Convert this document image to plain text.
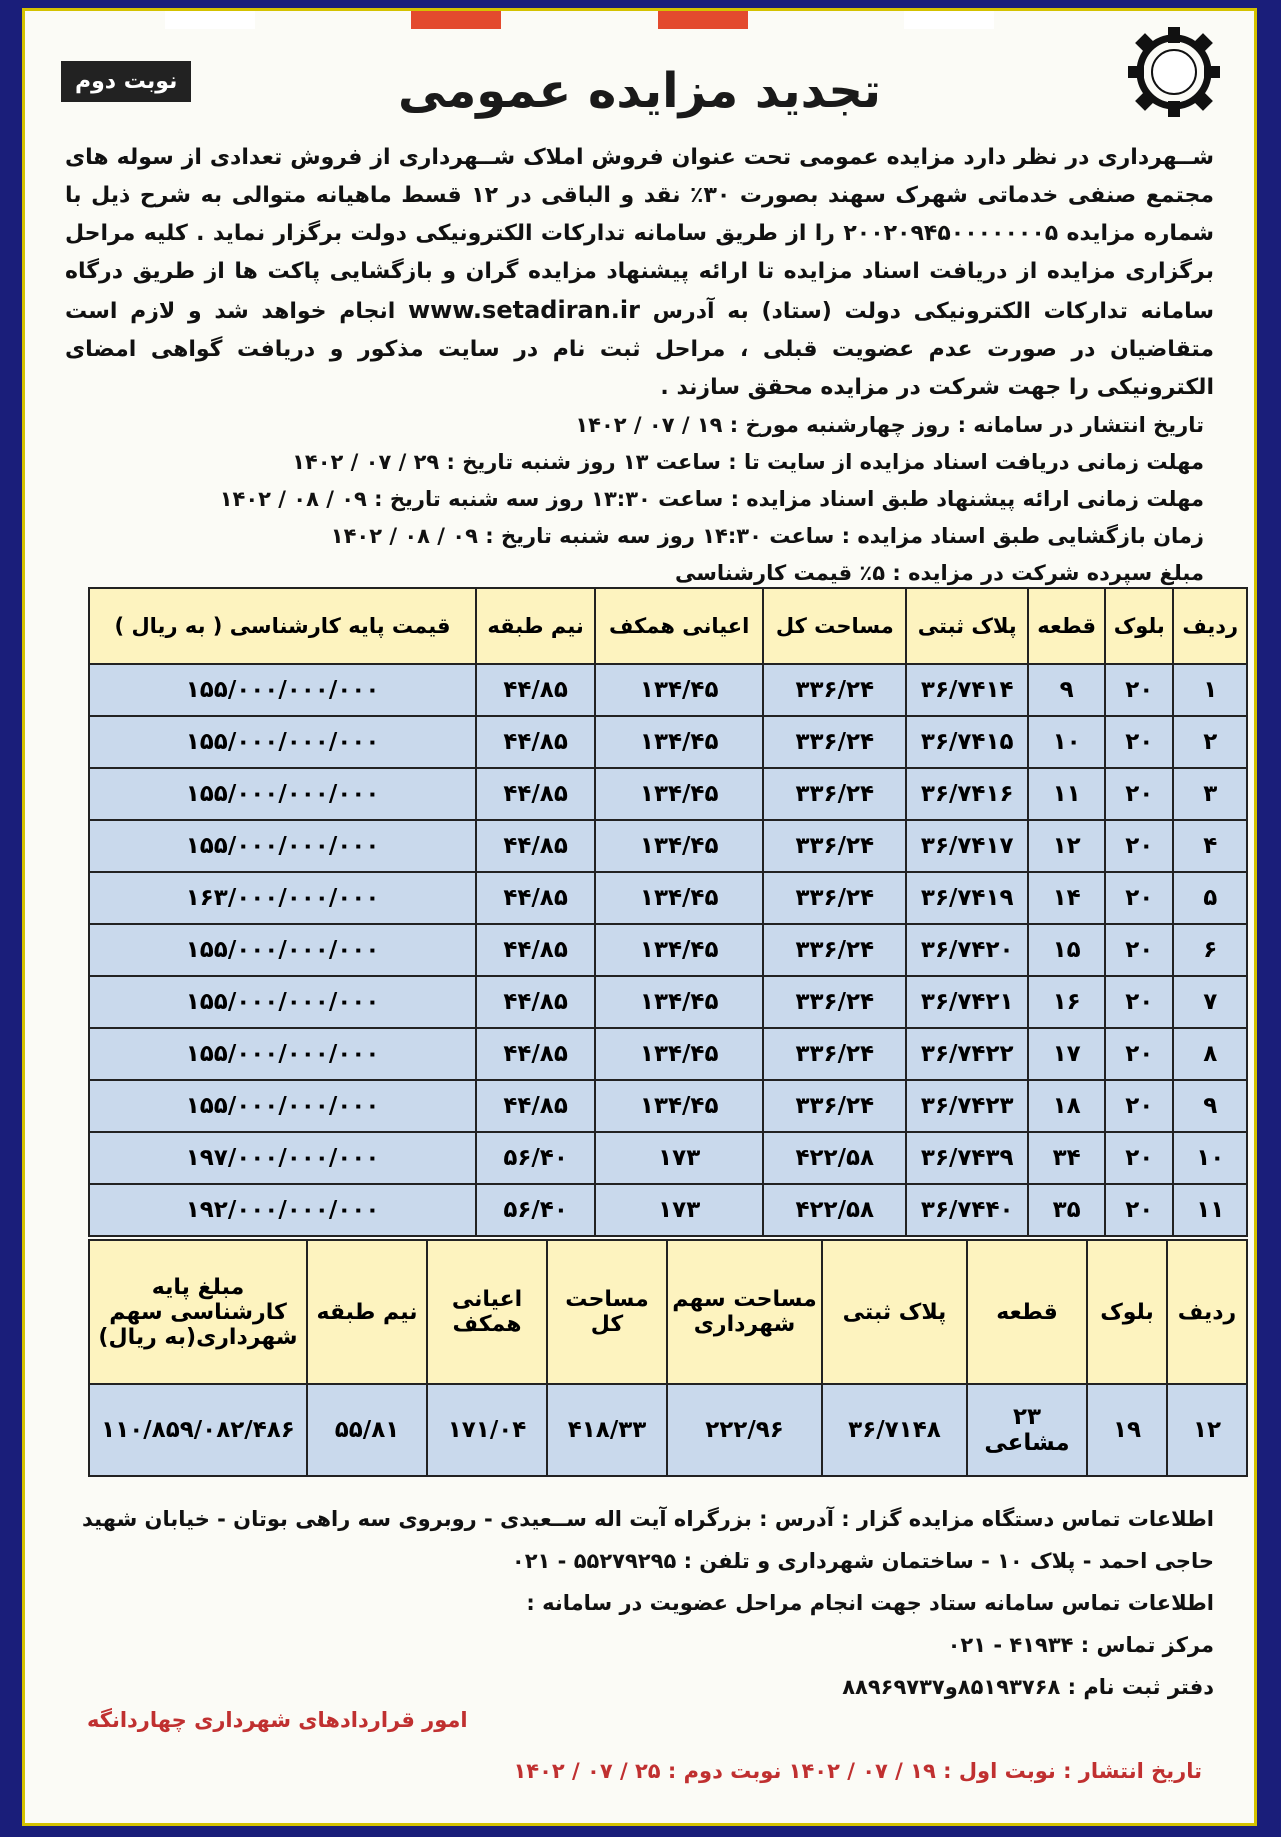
نوبت دوم	تجدید مزایده عمومی

شــهرداری در نظر دارد مزایده عمومی تحت عنوان فروش املاک شــهرداری از فروش تعدادی از سوله های مجتمع صنفی خدماتی شهرک سهند بصورت ۳۰٪ نقد و الباقی در ۱۲ قسط ماهیانه متوالی به شرح ذیل با شماره مزایده ۲۰۰۲۰۹۴۵۰۰۰۰۰۰۰۵ را از طریق سامانه تدارکات الکترونیکی دولت برگزار نماید . کلیه مراحل برگزاری مزایده از دریافت اسناد مزایده تا ارائه پیشنهاد مزایده گران و بازگشایی پاکت ها از طریق درگاه سامانه تدارکات الکترونیکی دولت (ستاد) به آدرس www.setadiran.ir انجام خواهد شد و لازم است متقاضیان در صورت عدم عضویت قبلی ، مراحل ثبت نام در سایت مذکور و دریافت گواهی امضای الکترونیکی را جهت شرکت در مزایده محقق سازند .

تاریخ انتشار در سامانه : روز چهارشنبه مورخ : ۱۹ / ۰۷ / ۱۴۰۲

مهلت زمانی دریافت اسناد مزایده از سایت تا : ساعت ۱۳ روز شنبه تاریخ : ۲۹ / ۰۷ / ۱۴۰۲

مهلت زمانی ارائه پیشنهاد طبق اسناد مزایده : ساعت ۱۳:۳۰ روز سه شنبه تاریخ : ۰۹ / ۰۸ / ۱۴۰۲

زمان بازگشایی طبق اسناد مزایده : ساعت ۱۴:۳۰ روز سه شنبه تاریخ : ۰۹ / ۰۸ / ۱۴۰۲

مبلغ سپرده شرکت در مزایده : ۵٪ قیمت کارشناسی

ردیف	بلوک	قطعه	پلاک ثبتی	مساحت کل	اعیانی همکف	نیم طبقه	قیمت پایه کارشناسی ( به ریال )
۱	۲۰	۹	۳۶/۷۴۱۴	۳۳۶/۲۴	۱۳۴/۴۵	۴۴/۸۵	۱۵۵/۰۰۰/۰۰۰/۰۰۰
۲	۲۰	۱۰	۳۶/۷۴۱۵	۳۳۶/۲۴	۱۳۴/۴۵	۴۴/۸۵	۱۵۵/۰۰۰/۰۰۰/۰۰۰
۳	۲۰	۱۱	۳۶/۷۴۱۶	۳۳۶/۲۴	۱۳۴/۴۵	۴۴/۸۵	۱۵۵/۰۰۰/۰۰۰/۰۰۰
۴	۲۰	۱۲	۳۶/۷۴۱۷	۳۳۶/۲۴	۱۳۴/۴۵	۴۴/۸۵	۱۵۵/۰۰۰/۰۰۰/۰۰۰
۵	۲۰	۱۴	۳۶/۷۴۱۹	۳۳۶/۲۴	۱۳۴/۴۵	۴۴/۸۵	۱۶۳/۰۰۰/۰۰۰/۰۰۰
۶	۲۰	۱۵	۳۶/۷۴۲۰	۳۳۶/۲۴	۱۳۴/۴۵	۴۴/۸۵	۱۵۵/۰۰۰/۰۰۰/۰۰۰
۷	۲۰	۱۶	۳۶/۷۴۲۱	۳۳۶/۲۴	۱۳۴/۴۵	۴۴/۸۵	۱۵۵/۰۰۰/۰۰۰/۰۰۰
۸	۲۰	۱۷	۳۶/۷۴۲۲	۳۳۶/۲۴	۱۳۴/۴۵	۴۴/۸۵	۱۵۵/۰۰۰/۰۰۰/۰۰۰
۹	۲۰	۱۸	۳۶/۷۴۲۳	۳۳۶/۲۴	۱۳۴/۴۵	۴۴/۸۵	۱۵۵/۰۰۰/۰۰۰/۰۰۰
۱۰	۲۰	۳۴	۳۶/۷۴۳۹	۴۲۲/۵۸	۱۷۳	۵۶/۴۰	۱۹۷/۰۰۰/۰۰۰/۰۰۰
۱۱	۲۰	۳۵	۳۶/۷۴۴۰	۴۲۲/۵۸	۱۷۳	۵۶/۴۰	۱۹۲/۰۰۰/۰۰۰/۰۰۰
ردیف	بلوک	قطعه	پلاک ثبتی	مساحت سهم شهرداری	مساحت کل	اعیانی همکف	نیم طبقه	مبلغ پایه کارشناسی سهم شهرداری(به ریال)
۱۲	۱۹	۲۳ مشاعی	۳۶/۷۱۴۸	۲۲۲/۹۶	۴۱۸/۳۳	۱۷۱/۰۴	۵۵/۸۱	۱۱۰/۸۵۹/۰۸۲/۴۸۶

اطلاعات تماس دستگاه مزایده گزار : آدرس : بزرگراه آیت اله ســعیدی - روبروی سه راهی بوتان - خیابان شهید حاجی احمد - پلاک ۱۰ - ساختمان شهرداری و تلفن : ۵۵۲۷۹۲۹۵ - ۰۲۱

اطلاعات تماس سامانه ستاد جهت انجام مراحل عضویت در سامانه :

مرکز تماس : ۴۱۹۳۴ - ۰۲۱

دفتر ثبت نام : ۸۵۱۹۳۷۶۸و۸۸۹۶۹۷۳۷

امور قراردادهای شهرداری چهاردانگه
تاریخ انتشار : نوبت اول : ۱۹ / ۰۷ / ۱۴۰۲ نوبت دوم : ۲۵ / ۰۷ / ۱۴۰۲
